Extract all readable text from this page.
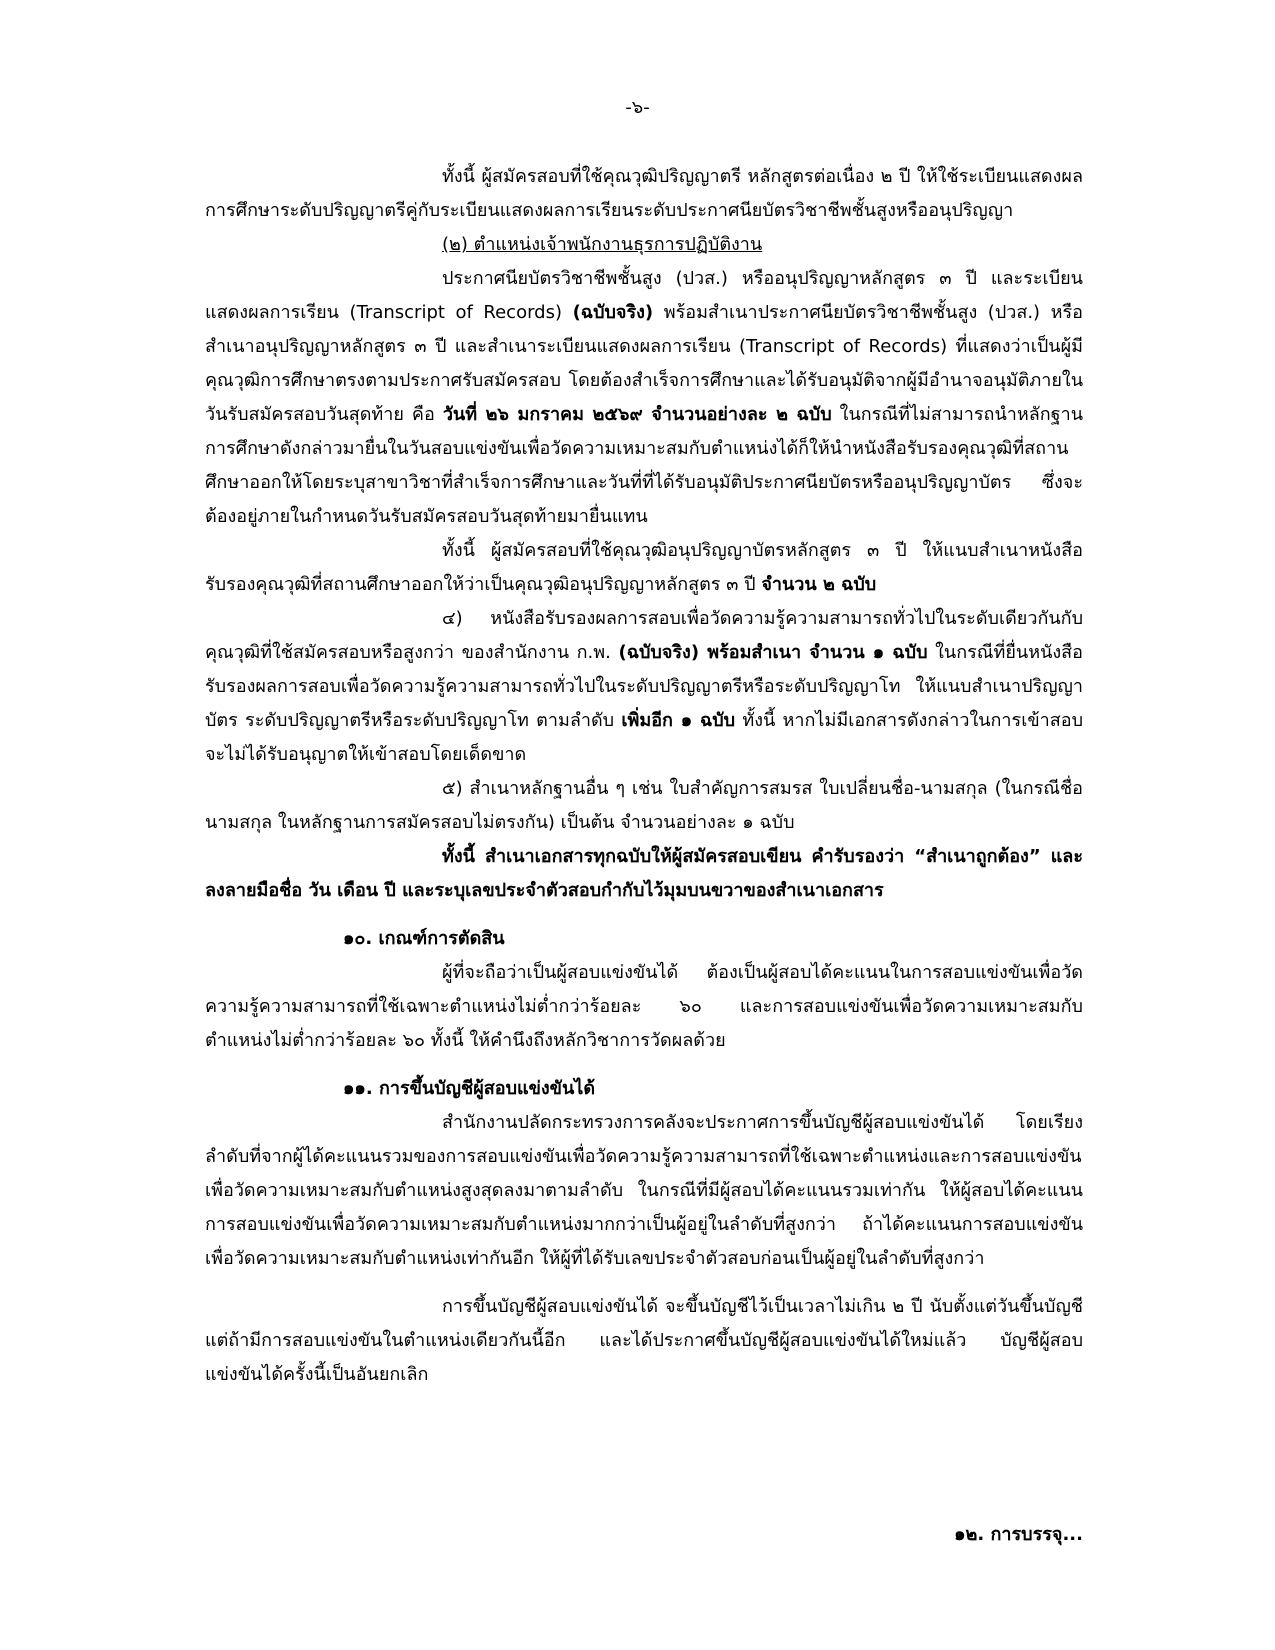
-๖-

ทั้งนี้ ผู้สมัครสอบที่ใช้คุณวุฒิปริญญาตรี หลักสูตรต่อเนื่อง ๒ ปี ให้ใช้ระเบียนแสดงผลการศึกษาระดับปริญญาตรีคู่กับระเบียนแสดงผลการเรียนระดับประกาศนียบัตรวิชาชีพชั้นสูงหรืออนุปริญญา

(๒) ตำแหน่งเจ้าพนักงานธุรการปฏิบัติงาน

ประกาศนียบัตรวิชาชีพชั้นสูง (ปวส.) หรืออนุปริญญาหลักสูตร ๓ ปี และระเบียนแสดงผลการเรียน (Transcript of Records) (ฉบับจริง) พร้อมสำเนาประกาศนียบัตรวิชาชีพชั้นสูง (ปวส.) หรือสำเนาอนุปริญญาหลักสูตร ๓ ปี และสำเนาระเบียนแสดงผลการเรียน (Transcript of Records) ที่แสดงว่าเป็นผู้มีคุณวุฒิการศึกษาตรงตามประกาศรับสมัครสอบ โดยต้องสำเร็จการศึกษาและได้รับอนุมัติจากผู้มีอำนาจอนุมัติภายในวันรับสมัครสอบวันสุดท้าย คือ วันที่ ๒๖ มกราคม ๒๕๖๙ จำนวนอย่างละ ๒ ฉบับ ในกรณีที่ไม่สามารถนำหลักฐานการศึกษาดังกล่าวมายื่นในวันสอบแข่งขันเพื่อวัดความเหมาะสมกับตำแหน่งได้ก็ให้นำหนังสือรับรองคุณวุฒิที่สถานศึกษาออกให้โดยระบุสาขาวิชาที่สำเร็จการศึกษาและวันที่ที่ได้รับอนุมัติประกาศนียบัตรหรืออนุปริญญาบัตร ซึ่งจะต้องอยู่ภายในกำหนดวันรับสมัครสอบวันสุดท้ายมายื่นแทน

ทั้งนี้ ผู้สมัครสอบที่ใช้คุณวุฒิอนุปริญญาบัตรหลักสูตร ๓ ปี ให้แนบสำเนาหนังสือรับรองคุณวุฒิที่สถานศึกษาออกให้ว่าเป็นคุณวุฒิอนุปริญญาหลักสูตร ๓ ปี จำนวน ๒ ฉบับ

๔) หนังสือรับรองผลการสอบเพื่อวัดความรู้ความสามารถทั่วไปในระดับเดียวกันกับคุณวุฒิที่ใช้สมัครสอบหรือสูงกว่า ของสำนักงาน ก.พ. (ฉบับจริง) พร้อมสำเนา จำนวน ๑ ฉบับ ในกรณีที่ยื่นหนังสือรับรองผลการสอบเพื่อวัดความรู้ความสามารถทั่วไปในระดับปริญญาตรีหรือระดับปริญญาโท ให้แนบสำเนาปริญญาบัตร ระดับปริญญาตรีหรือระดับปริญญาโท ตามลำดับ เพิ่มอีก ๑ ฉบับ ทั้งนี้ หากไม่มีเอกสารดังกล่าวในการเข้าสอบ จะไม่ได้รับอนุญาตให้เข้าสอบโดยเด็ดขาด

๕) สำเนาหลักฐานอื่น ๆ เช่น ใบสำคัญการสมรส ใบเปลี่ยนชื่อ-นามสกุล (ในกรณีชื่อนามสกุล ในหลักฐานการสมัครสอบไม่ตรงกัน) เป็นต้น จำนวนอย่างละ ๑ ฉบับ

ทั้งนี้ สำเนาเอกสารทุกฉบับให้ผู้สมัครสอบเขียน คำรับรองว่า “สำเนาถูกต้อง” และลงลายมือชื่อ วัน เดือน ปี และระบุเลขประจำตัวสอบกำกับไว้มุมบนขวาของสำเนาเอกสาร

๑๐. เกณฑ์การตัดสิน

ผู้ที่จะถือว่าเป็นผู้สอบแข่งขันได้ ต้องเป็นผู้สอบได้คะแนนในการสอบแข่งขันเพื่อวัดความรู้ความสามารถที่ใช้เฉพาะตำแหน่งไม่ต่ำกว่าร้อยละ ๖๐ และการสอบแข่งขันเพื่อวัดความเหมาะสมกับตำแหน่งไม่ต่ำกว่าร้อยละ ๖๐ ทั้งนี้ ให้คำนึงถึงหลักวิชาการวัดผลด้วย

๑๑. การขึ้นบัญชีผู้สอบแข่งขันได้

สำนักงานปลัดกระทรวงการคลังจะประกาศการขึ้นบัญชีผู้สอบแข่งขันได้ โดยเรียงลำดับที่จากผู้ได้คะแนนรวมของการสอบแข่งขันเพื่อวัดความรู้ความสามารถที่ใช้เฉพาะตำแหน่งและการสอบแข่งขันเพื่อวัดความเหมาะสมกับตำแหน่งสูงสุดลงมาตามลำดับ ในกรณีที่มีผู้สอบได้คะแนนรวมเท่ากัน ให้ผู้สอบได้คะแนนการสอบแข่งขันเพื่อวัดความเหมาะสมกับตำแหน่งมากกว่าเป็นผู้อยู่ในลำดับที่สูงกว่า ถ้าได้คะแนนการสอบแข่งขันเพื่อวัดความเหมาะสมกับตำแหน่งเท่ากันอีก ให้ผู้ที่ได้รับเลขประจำตัวสอบก่อนเป็นผู้อยู่ในลำดับที่สูงกว่า

การขึ้นบัญชีผู้สอบแข่งขันได้ จะขึ้นบัญชีไว้เป็นเวลาไม่เกิน ๒ ปี นับตั้งแต่วันขึ้นบัญชี แต่ถ้ามีการสอบแข่งขันในตำแหน่งเดียวกันนี้อีก และได้ประกาศขึ้นบัญชีผู้สอบแข่งขันได้ใหม่แล้ว บัญชีผู้สอบแข่งขันได้ครั้งนี้เป็นอันยกเลิก

๑๒. การบรรจุ...
